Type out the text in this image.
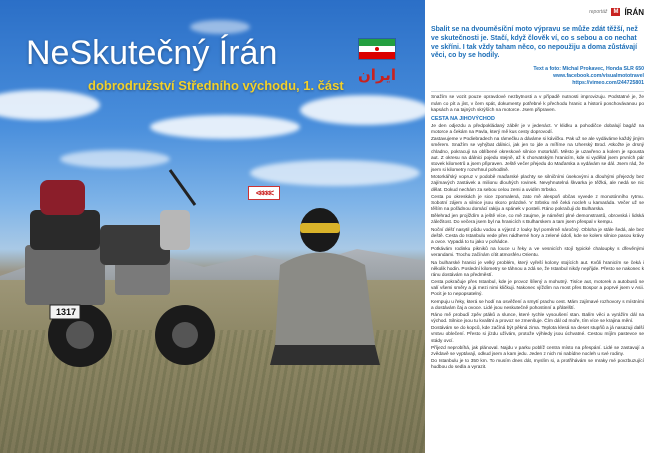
<<<<<
1317
NeSkutečný Írán
dobrodružství Středního východu, 1. část
ایران
reportáž	M ÍRÁN
Sbalit se na dvouměsíční moto výpravu se může zdát těžší, než ve skutečnosti je. Stačí, když člověk ví, co s sebou a co nechat ve skříni. I tak vždy taham něco, co nepoužiju a doma zůstávají věci, co by se hodily.
Text a foto: Michal Prokavec, Honda SLR 650
www.facebook.com/visualmototravel
https://vimeo.com/244725801

Snažím se vozit pouze opravdové nezbytnosti a v případě nutnosti improvizuju. Podstatné je, že mám co pít a jíst, v čem spát, dokumenty potřebné k přechodu hranic a historii poschovávanou po kapsách a na tajných skrýších na motorce. Jsem připraven.

CESTA NA JIHOVÝCHOD

Je den odjezdu a předpokládaný záběr je v jedenáct. V klidku a pohodičce dobalují bagáž na motorce a čekám na Pavla, který mě kus cesty doprovodí.

Zastavujeme v Podiebradech na rámečku a dáváme si kávičku. Pak už se ale vydáváme každý jiným směrem. Snažím se vyhýbat dálnici, jak jen to jde a míříme na Uherský Brod. Atkožte je drsný chladno, pokracuji na oblíbené okreskové silnice motorkáři. Město je uzavřeno a kolem je spousta aut. Z okresu na dálnici pojedu stejně, až k chorvatským hranicím, kde si vydělal jsem prvních pár stovek kilometrů a jsem připraven. Ještě večer přejedu do Maďarska a vydávám se dál. Jsem rád, že jsem si kilometry rozvrhnul pohodlně.

Motorkářský vopruz v podobě maďarské plachty se silničními úsekovými a dlouhými přejezdy bez zajímavých zastávek a milionu dlouhých rovinek. Nevyhnutelná škvarka je těžká, ale nedá se nic dělat. Dokud nechám za sebou celou zemi a uvidím Srbsko.

Cesta po okreskách je sice zpomalená, zato mě alespoň občas vyvede z monotónního rytmu. Sobotní zájem a silnice jsou skoro prázdné. V Srbsku mě čeká nocleh u kamaráda. Večer už se těším na pořádnou domácí rakiju a spánek v posteli. Ráno pokračuji do Bulharska.

Bělehrad jen projíždím a ještě více, co mě zaujme, je náměstí plné demonstrantů, obrovská i lidská záležitost. Do večera jsem byl na hranicích s Bulharskem a tam jsem přespal v kempu.

Noční déšť nasytil půdu vodou a výjezd z louky byl poměrně náročný. Obloha je stále šedá, ale bez deště. Cesta do Istanbulu vede přes nádherné hory a zelené údolí, kde se kolem silnice pasou krávy a ovce. Vypadá to tu jako v pohádce.

Potkávám rodinku pikniků na louce u řeky a ve vesnicích stojí typické chaloupky s dřevěnými verandami. Trochu začínám cítit atmosféru Orientu.

Na bulharské hranici je velký problém, který vyřeší kolony stojících aut. Kvůli hranicím se čeká i několik hodin. Poslední kilometry se táhnou a zdá se, že Istanbul nikdy nepřijde. Přesto se nakonec k ránu dostávám na předměstí.

Cesta pokračuje přes Istanbul, kde je provoz šílený a mohutný. Tisíce aut, motorek a autobusů se valí všemi směry a já mezi nimi kličkuji. Nakonec vjíždím na most přes Bospor a poprvé jsem v Asii. Pocit je to nepopsatelný.

Kempuju u řeky, která se hodí na osvěžení a smytí prachu cest. Mám zajímavé rozhovory s místními a dostávám čaj a ovoce. Lidé jsou neskutečně pohostinní a přátelští.

Ráno mě probudí zpěv ptáků a slunce, které rychle vysoušení stan. Balím věci a vyrážím dál na východ. Silnice jsou tu kvalitní a provoz se zmenšuje. Čím dál od moře, tím více se krajina mění.

Dostávám se do kopců, kde začíná být pěkná zima. Teplota klesá na deset stupňů a já nasazuji další vrstvu oblečení. Přesto si jízdu užívám, protože výhledy jsou úchvatné. Cestou míjím pastevce se stády ovcí.

Příjezd neprobíhá, jak plánoval. Najdu v parku poblíž centra místo na přespání. Lidé se zastavují a zvědavě se vyptávají, odkud jsem a kam jedu. Jeden z nich mi nabídne nocleh u své rodiny.

Do Istanbulu je to 350 km. To musím dnes dát, myslím si, a protřihávám se mraky mé povzbuzující hudbou do sedla a vyrazit.
